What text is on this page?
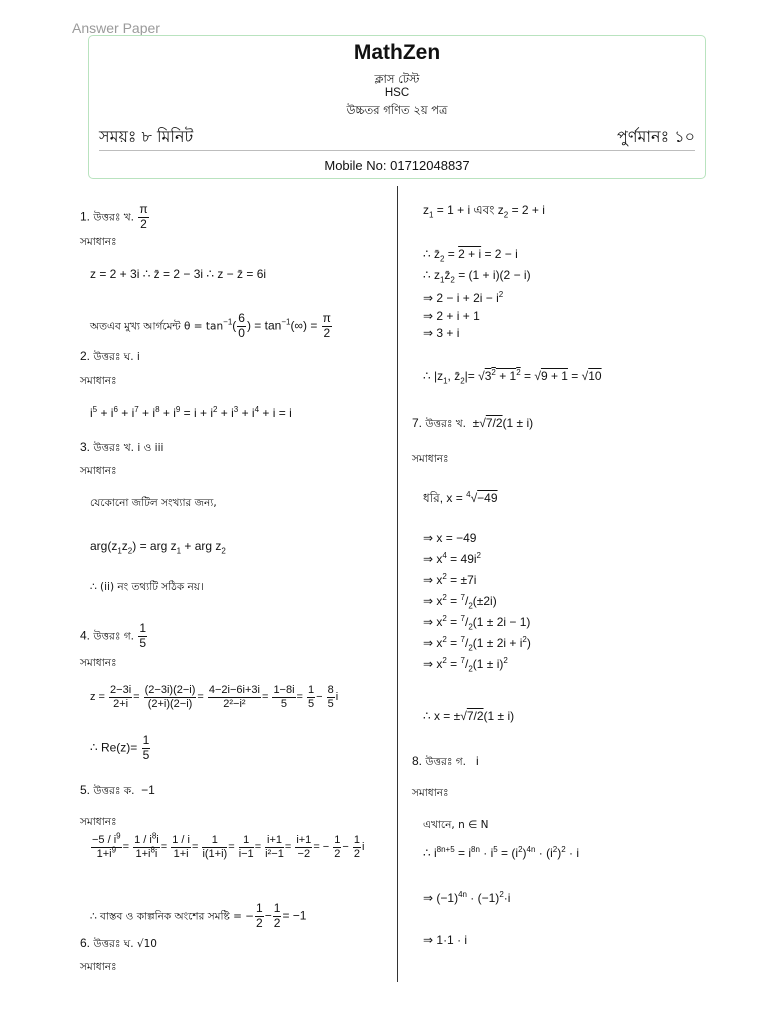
Answer Paper
MathZen
ক্লাস টেস্ট
HSC
উচ্চতর গণিত ২য় পত্র
সময়ঃ ৮ মিনিট	পুর্ণমানঃ ১০
Mobile No: 01712048837
1. উত্তরঃ খ. $\frac{\pi}{2}$
সমাধানঃ
z = 2 + 3i ∴ z̄ = 2 − 3i ∴ z − z̄ = 6i
অতএব মুখ্য আর্গমেন্ট $\theta = \tan^{-1}( \frac{6}{0}$ ) = $\tan^{-1}(\infty) = \frac{\pi}{2}$
2. উত্তরঃ ঘ. i
সমাধানঃ
$i^5 + i^6 + i^7 + i^8 + i^9 = i + i^2 + i^3 + i^4 + i = i$
3. উত্তরঃ খ. i ও iii
সমাধানঃ
যেকোনো জটিল সংখ্যার জন্য,
$arg(z_1z_2)$ = arg $z_1$ + arg $z_2$
∴ (ii) নং তথ্যটি সঠিক নয়।
4. উত্তরঃ গ. $\frac{1}{5}$
সমাধানঃ
$z = \frac{2-3i}{2+i} = \frac{(2-3i)(2-i)}{(2+i)(2-i)} = \frac{4-2i-6i+3i}{\text{2²−i²}} = \frac{1-8i}{5} = \frac{1}{5} - \frac{8}{5}$ i
∴ $Re(z)= \frac{1}{5}$
5. উত্তরঃ ক. −1
সমাধানঃ
$\frac{-5 / i^9}{1+i^9} = \frac{1 / i^8i}{1+i^8i} = \frac{1 / i}{1+i} = \frac{1}{i(1+i)} = \frac{1}{i-1} = \frac{i+1}{\text{i²−1}} = \frac{i+1}{-2}$ = − $\frac{1}{2} - \frac{1}{2}$ i
∴ বাস্তব ও কাল্পনিক অংশের সমষ্টি = − $\frac{1}{2} - \frac{1}{2} = -1$
6. উত্তরঃ ঘ. √10
সমাধানঃ
$z_1 = 1 + i$ এবং $z_2 = 2 + i$
∴ $z̄_2 = 2 + i = 2 - i$
∴ $z_1z̄_2 = (1 + i)(2 - i)$
⇒ $2 - i + 2i - i^2$
⇒ 2 + i + 1
⇒ 3 + i
∴ $|z_1$, $z̄_2|= √3^2 + 1^2 = √9 + 1 = √10$
7. উত্তরঃ খ. ±√7/2(1 ± i)
সমাধানঃ
ধরি, x = $^4$√−49
⇒ x = −49
⇒ $x^4 = 49i^2$
⇒ $x^2 = \pm 7i$
⇒ $x^2 = ^7/_2(\pm 2i)$
⇒ $x^2 = ^7/_2(1 \pm 2i - 1)$
⇒ $x^2 = ^7/_2(1 \pm 2i + i^2)$
⇒ $x^2 = ^7/_2(1 \pm i)^2$
∴ x = ±√7/2(1 ± i)
8. উত্তরঃ গ. i
সমাধানঃ
এখানে, n ∈ N
∴ $i^{8n+5} = i^{8n} \cdot i^5 = (i^2)^{4n} \cdot (i^2)^2 \cdot i$
⇒ $(-1)^{4n} \cdot (-1)^2\cdot i$
⇒ 1·1 · i
